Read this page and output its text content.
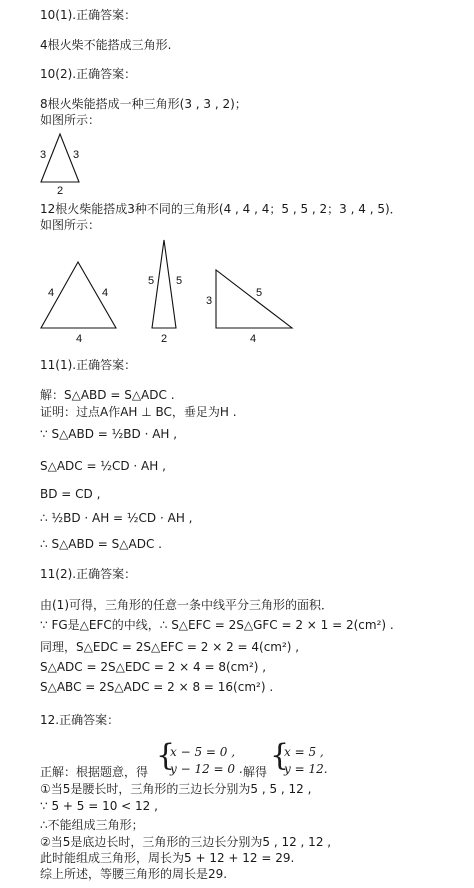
10(1).正确答案：
4根火柴不能搭成三角形.
10(2).正确答案：
8根火柴能搭成一种三角形(3 , 3 , 2)；
如图所示：
3 3
2
12根火柴能搭成3种不同的三角形(4 , 4 , 4；5 , 5 , 2；3 , 4 , 5)．
如图所示：
4	4
4
5 5
2
3
5
4
11(1).正确答案：
解：S△ABD = S△ADC .
证明：过点A作AH ⊥ BC，垂足为H .
∵ S△ABD = ½BD · AH ,
S△ADC = ½CD · AH ,
BD = CD ,
∴ ½BD · AH = ½CD · AH ,
∴ S△ABD = S△ADC .
11(2).正确答案：
由(1)可得，三角形的任意一条中线平分三角形的面积．
∵ FG是△EFC的中线，∴ S△EFC = 2S△GFC = 2 × 1 = 2(cm²) .
同理，S△EDC = 2S△EFC = 2 × 2 = 4(cm²) ,
S△ADC = 2S△EDC = 2 × 4 = 8(cm²) ,
S△ABC = 2S△ADC = 2 × 8 = 16(cm²) .
12.正确答案：
正解：根据题意，得 {
x − 5 = 0 ,
y − 12 = 0 . 解得 {
x = 5 ,
y = 12.
①当5是腰长时，三角形的三边长分别为5 , 5 , 12 ,
∵ 5 + 5 = 10 < 12 ,
∴不能组成三角形；
②当5是底边长时，三角形的三边长分别为5 , 12 , 12 ,
此时能组成三角形，周长为5 + 12 + 12 = 29.
综上所述，等腰三角形的周长是29.
